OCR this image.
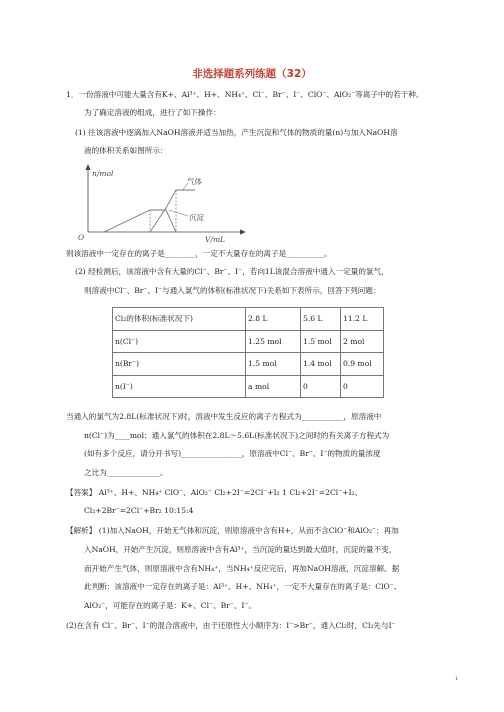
非选择题系列练题（32）
1．一份溶液中可能大量含有K+、Al³⁺、H+、NH₄⁺、Cl⁻、Br⁻、I⁻、ClO⁻、AlO₂⁻等离子中的若干种。
为了确定溶液的组成，进行了如下操作：
(1) 往该溶液中逐滴加入NaOH溶液并适当加热，产生沉淀和气体的物质的量(n)与加入NaOH溶
液的体积关系如图所示：
n/mol
V/mL
O
气体
沉淀
则该溶液中一定存在的离子是________，一定不大量存在的离子是__________。
(2) 经检测后，该溶液中含有大量的Cl⁻、Br⁻、I⁻，若向1L该混合溶液中通入一定量的氯气，
则溶液中Cl⁻、Br⁻、I⁻与通入氯气的体积(标准状况下)关系如下表所示，回答下列问题：
Cl₂的体积(标准状况下)	2.8 L	5.6 L	11.2 L
n(Cl⁻)	1.25 mol	1.5 mol	2 mol
n(Br⁻)	1.5 mol	1.4 mol	0.9 mol
n(I⁻)	a mol	0	0
当通入的氯气为2.8L(标准状况下)时，溶液中发生反应的离子方程式为___________，原溶液中
n(Cl⁻)为____mol；通入氯气的体积在2.8L～5.6L(标准状况下)之间时的有关离子方程式为
(如有多个反应，请分开书写)________________，原溶液中Cl⁻、Br⁻、I⁻的物质的量浓度
之比为______________。
【答案】 Al³⁺、H+、NH₄⁺ ClO⁻、AlO₂⁻ Cl₂+2I⁻=2Cl⁻+I₂ 1 Cl₂+2I⁻=2Cl⁻+I₂、
Cl₂+2Br⁻=2Cl⁻+Br₂ 10:15:4
【解析】 (1)加入NaOH，开始无气体和沉淀，则原溶液中含有H+，从而不含ClO⁻和AlO₂⁻；再加
入NaOH，开始产生沉淀，则原溶液中含有Al³⁺，当沉淀的量达到最大值时，沉淀的量不变，
而开始产生气体，则原溶液中含有NH₄⁺，当NH₄⁺反应完后，再加NaOH溶液，沉淀溶解。据
此判断：该溶液中一定存在的离子是：Al³⁺、H+、NH₄⁺，一定不大量存在的离子是：ClO⁻、
AlO₂⁻，可能存在的离子是：K+、Cl⁻、Br⁻、I⁻。
(2)在含有 Cl⁻、Br⁻、I⁻的混合溶液中，由于还原性大小顺序为：I⁻>Br⁻，通入Cl₂时，Cl₂先与I⁻
1
